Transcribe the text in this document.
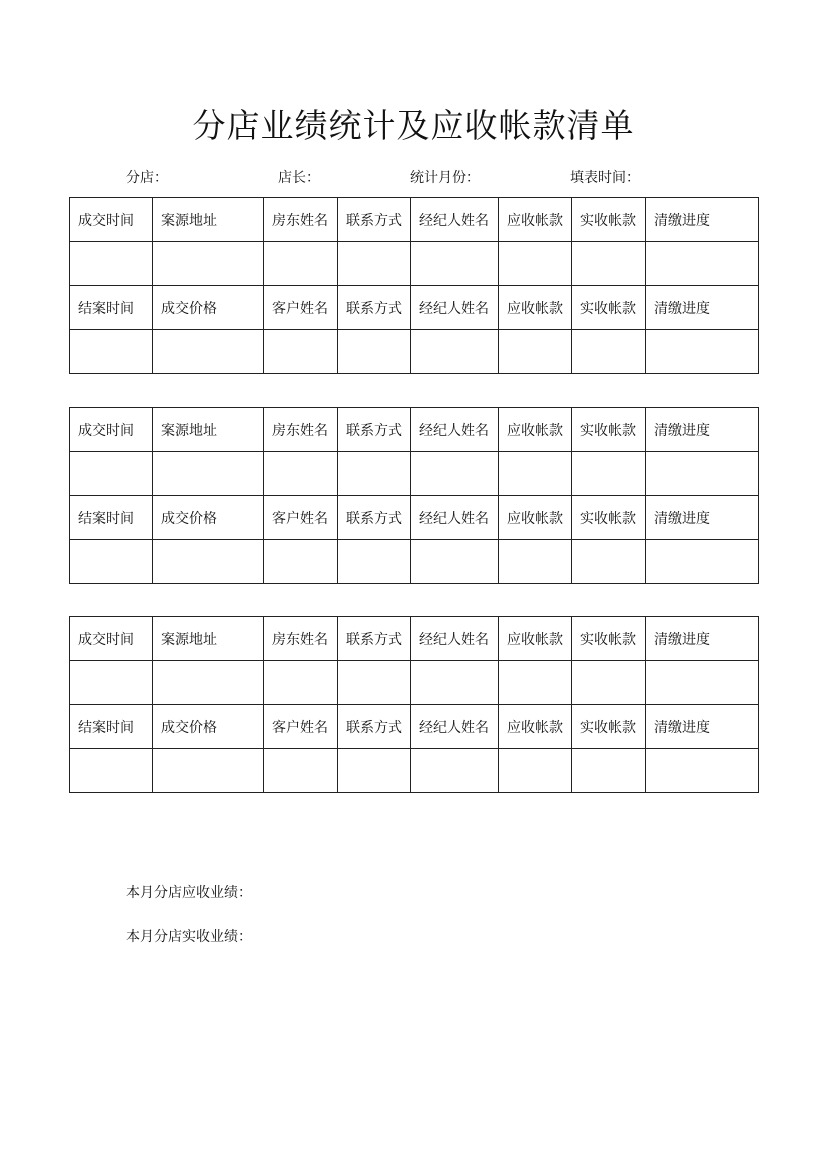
分店业绩统计及应收帐款清单
分店：	店长：	统计月份：	填表时间：
成交时间	案源地址	房东姓名	联系方式	经纪人姓名	应收帐款	实收帐款	清缴进度

结案时间	成交价格	客户姓名	联系方式	经纪人姓名	应收帐款	实收帐款	清缴进度

成交时间	案源地址	房东姓名	联系方式	经纪人姓名	应收帐款	实收帐款	清缴进度

结案时间	成交价格	客户姓名	联系方式	经纪人姓名	应收帐款	实收帐款	清缴进度

成交时间	案源地址	房东姓名	联系方式	经纪人姓名	应收帐款	实收帐款	清缴进度

结案时间	成交价格	客户姓名	联系方式	经纪人姓名	应收帐款	实收帐款	清缴进度

本月分店应收业绩：
本月分店实收业绩：
